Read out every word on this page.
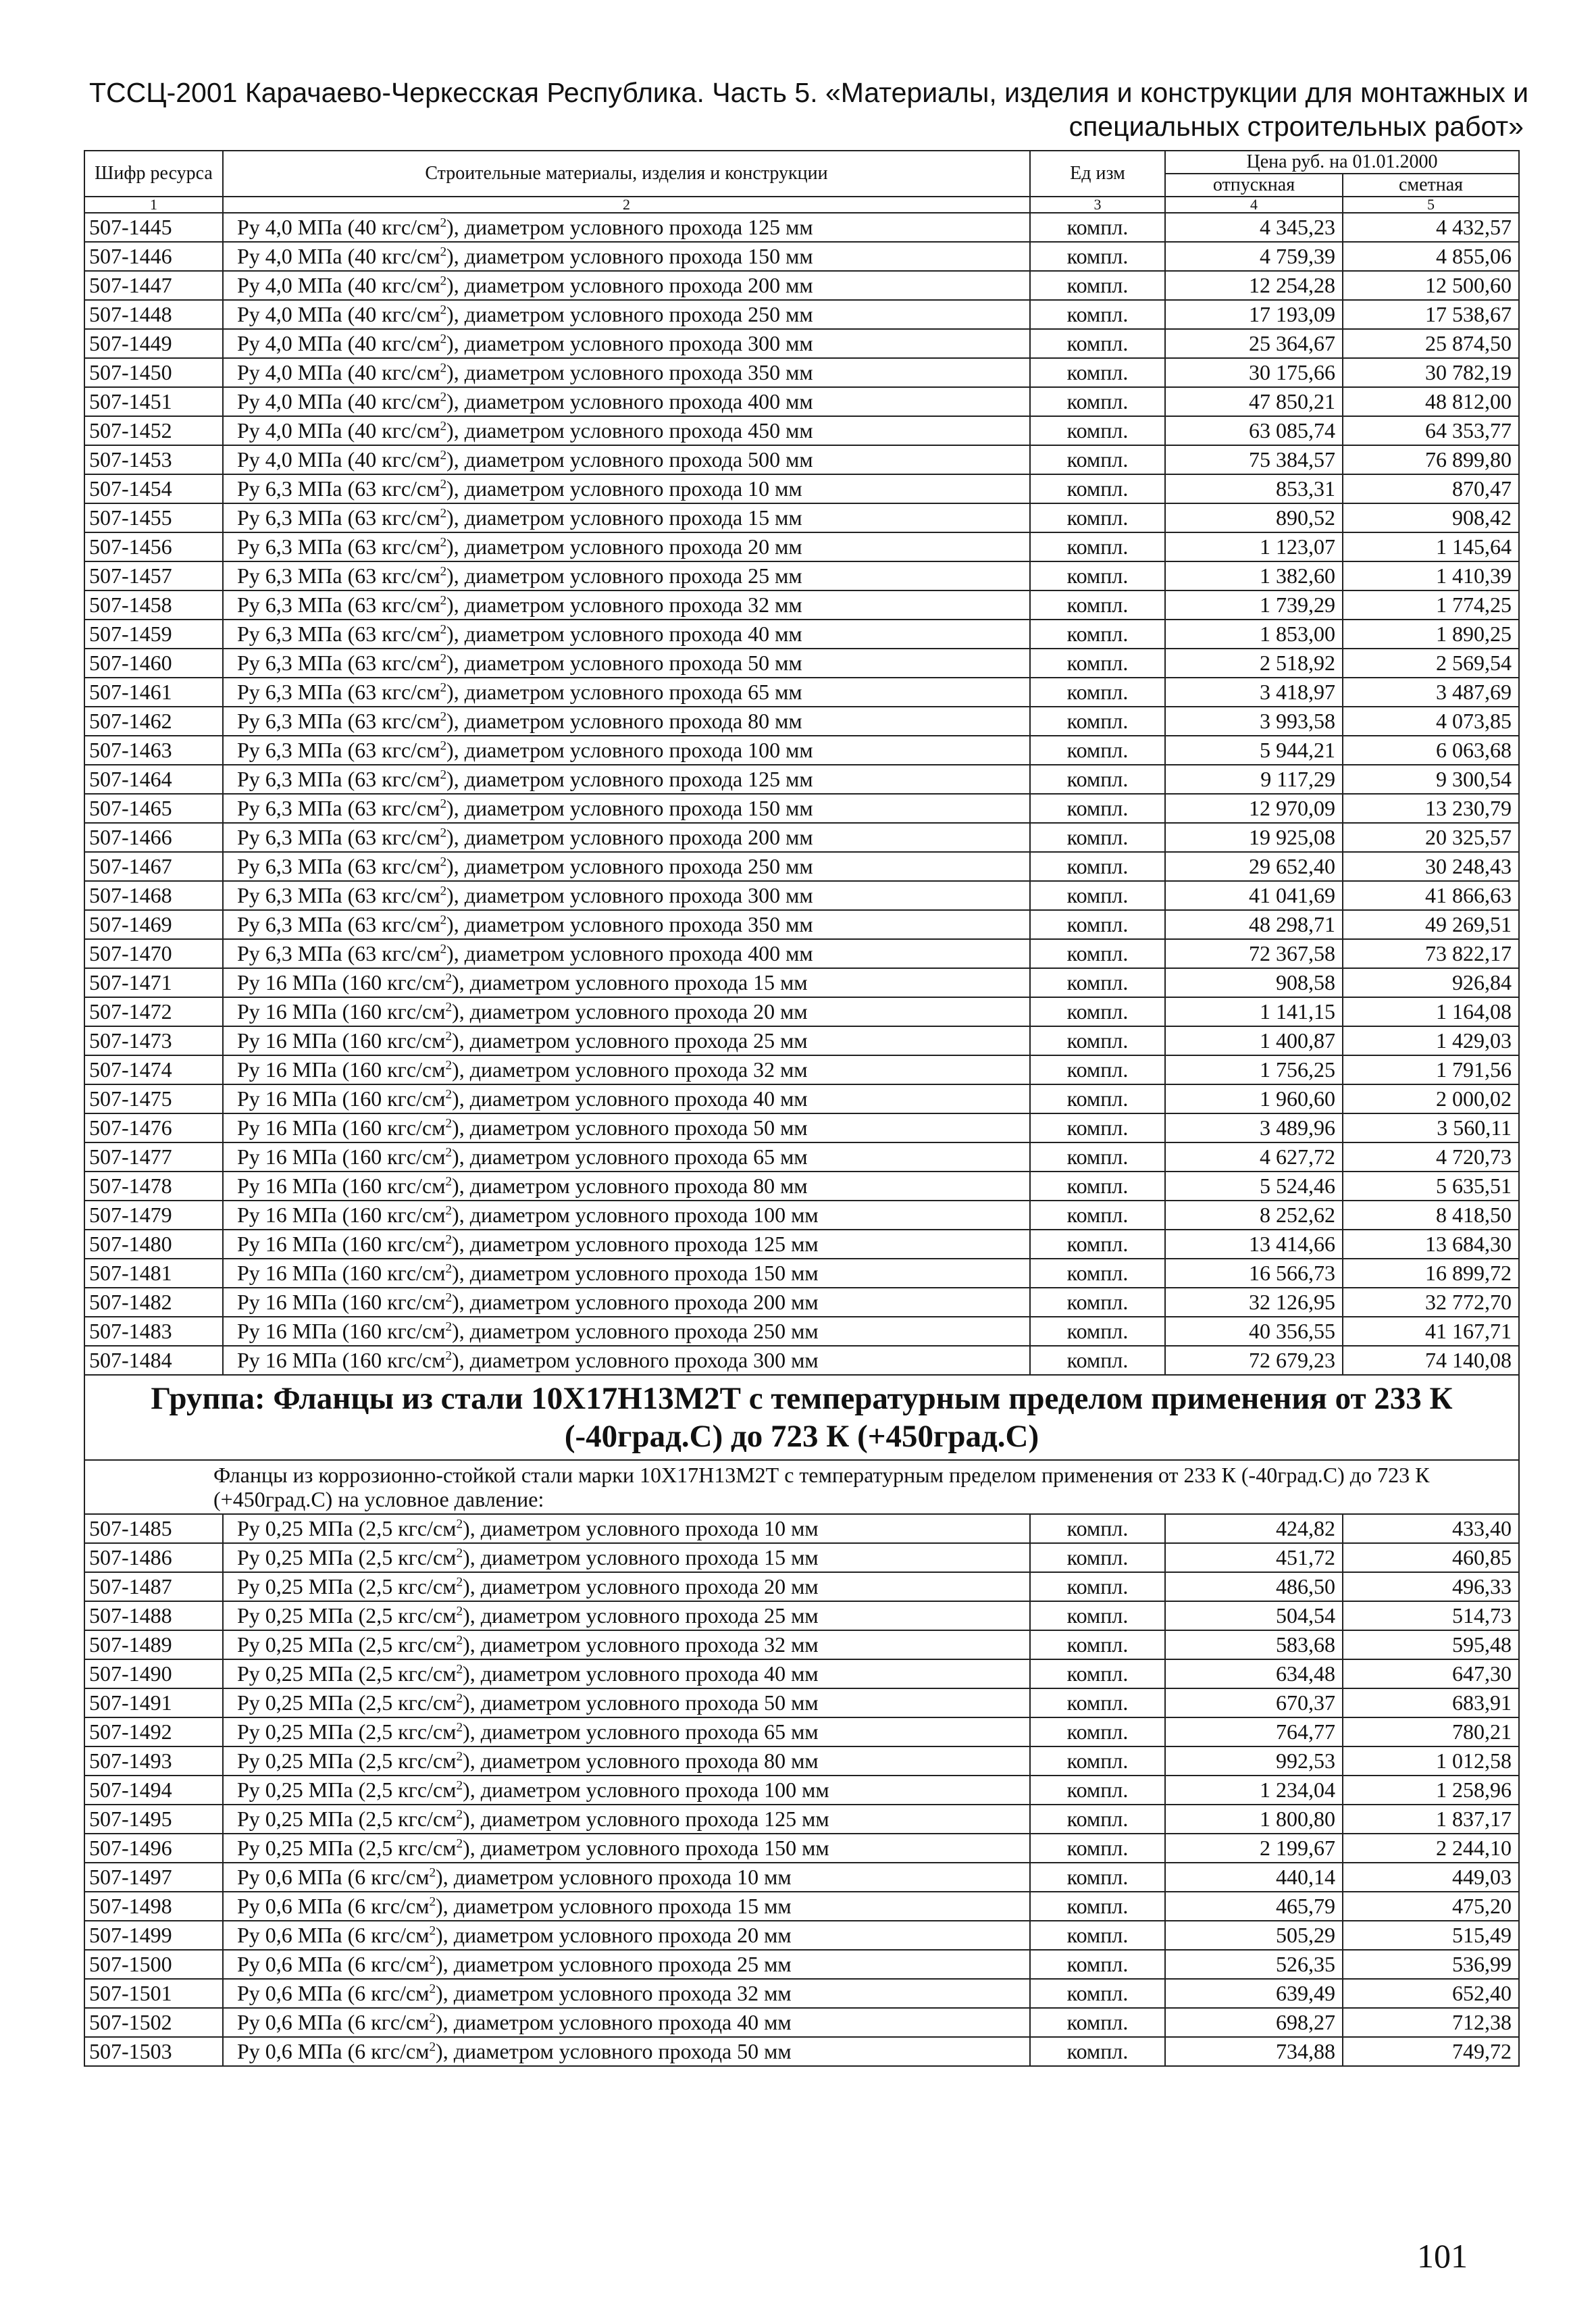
ТССЦ-2001 Карачаево-Черкесская Республика. Часть 5. «Материалы, изделия и конструкции для монтажных и
специальных строительных работ»
Шифр ресурса	Строительные материалы, изделия и конструкции	Ед изм	Цена руб. на 01.01.2000	
			отпускная	сметная
1	2	3	4	5
507-1445	Ру 4,0 МПа (40 кгс/$см^2$), диаметром условного прохода 125 мм	компл.	4 345,23	4 432,57
507-1446	Ру 4,0 МПа (40 кгс/$см^2$), диаметром условного прохода 150 мм	компл.	4 759,39	4 855,06
507-1447	Ру 4,0 МПа (40 кгс/$см^2$), диаметром условного прохода 200 мм	компл.	12 254,28	12 500,60
507-1448	Ру 4,0 МПа (40 кгс/$см^2$), диаметром условного прохода 250 мм	компл.	17 193,09	17 538,67
507-1449	Ру 4,0 МПа (40 кгс/$см^2$), диаметром условного прохода 300 мм	компл.	25 364,67	25 874,50
507-1450	Ру 4,0 МПа (40 кгс/$см^2$), диаметром условного прохода 350 мм	компл.	30 175,66	30 782,19
507-1451	Ру 4,0 МПа (40 кгс/$см^2$), диаметром условного прохода 400 мм	компл.	47 850,21	48 812,00
507-1452	Ру 4,0 МПа (40 кгс/$см^2$), диаметром условного прохода 450 мм	компл.	63 085,74	64 353,77
507-1453	Ру 4,0 МПа (40 кгс/$см^2$), диаметром условного прохода 500 мм	компл.	75 384,57	76 899,80
507-1454	Ру 6,3 МПа (63 кгс/$см^2$), диаметром условного прохода 10 мм	компл.	853,31	870,47
507-1455	Ру 6,3 МПа (63 кгс/$см^2$), диаметром условного прохода 15 мм	компл.	890,52	908,42
507-1456	Ру 6,3 МПа (63 кгс/$см^2$), диаметром условного прохода 20 мм	компл.	1 123,07	1 145,64
507-1457	Ру 6,3 МПа (63 кгс/$см^2$), диаметром условного прохода 25 мм	компл.	1 382,60	1 410,39
507-1458	Ру 6,3 МПа (63 кгс/$см^2$), диаметром условного прохода 32 мм	компл.	1 739,29	1 774,25
507-1459	Ру 6,3 МПа (63 кгс/$см^2$), диаметром условного прохода 40 мм	компл.	1 853,00	1 890,25
507-1460	Ру 6,3 МПа (63 кгс/$см^2$), диаметром условного прохода 50 мм	компл.	2 518,92	2 569,54
507-1461	Ру 6,3 МПа (63 кгс/$см^2$), диаметром условного прохода 65 мм	компл.	3 418,97	3 487,69
507-1462	Ру 6,3 МПа (63 кгс/$см^2$), диаметром условного прохода 80 мм	компл.	3 993,58	4 073,85
507-1463	Ру 6,3 МПа (63 кгс/$см^2$), диаметром условного прохода 100 мм	компл.	5 944,21	6 063,68
507-1464	Ру 6,3 МПа (63 кгс/$см^2$), диаметром условного прохода 125 мм	компл.	9 117,29	9 300,54
507-1465	Ру 6,3 МПа (63 кгс/$см^2$), диаметром условного прохода 150 мм	компл.	12 970,09	13 230,79
507-1466	Ру 6,3 МПа (63 кгс/$см^2$), диаметром условного прохода 200 мм	компл.	19 925,08	20 325,57
507-1467	Ру 6,3 МПа (63 кгс/$см^2$), диаметром условного прохода 250 мм	компл.	29 652,40	30 248,43
507-1468	Ру 6,3 МПа (63 кгс/$см^2$), диаметром условного прохода 300 мм	компл.	41 041,69	41 866,63
507-1469	Ру 6,3 МПа (63 кгс/$см^2$), диаметром условного прохода 350 мм	компл.	48 298,71	49 269,51
507-1470	Ру 6,3 МПа (63 кгс/$см^2$), диаметром условного прохода 400 мм	компл.	72 367,58	73 822,17
507-1471	Ру 16 МПа (160 кгс/$см^2$), диаметром условного прохода 15 мм	компл.	908,58	926,84
507-1472	Ру 16 МПа (160 кгс/$см^2$), диаметром условного прохода 20 мм	компл.	1 141,15	1 164,08
507-1473	Ру 16 МПа (160 кгс/$см^2$), диаметром условного прохода 25 мм	компл.	1 400,87	1 429,03
507-1474	Ру 16 МПа (160 кгс/$см^2$), диаметром условного прохода 32 мм	компл.	1 756,25	1 791,56
507-1475	Ру 16 МПа (160 кгс/$см^2$), диаметром условного прохода 40 мм	компл.	1 960,60	2 000,02
507-1476	Ру 16 МПа (160 кгс/$см^2$), диаметром условного прохода 50 мм	компл.	3 489,96	3 560,11
507-1477	Ру 16 МПа (160 кгс/$см^2$), диаметром условного прохода 65 мм	компл.	4 627,72	4 720,73
507-1478	Ру 16 МПа (160 кгс/$см^2$), диаметром условного прохода 80 мм	компл.	5 524,46	5 635,51
507-1479	Ру 16 МПа (160 кгс/$см^2$), диаметром условного прохода 100 мм	компл.	8 252,62	8 418,50
507-1480	Ру 16 МПа (160 кгс/$см^2$), диаметром условного прохода 125 мм	компл.	13 414,66	13 684,30
507-1481	Ру 16 МПа (160 кгс/$см^2$), диаметром условного прохода 150 мм	компл.	16 566,73	16 899,72
507-1482	Ру 16 МПа (160 кгс/$см^2$), диаметром условного прохода 200 мм	компл.	32 126,95	32 772,70
507-1483	Ру 16 МПа (160 кгс/$см^2$), диаметром условного прохода 250 мм	компл.	40 356,55	41 167,71
507-1484	Ру 16 МПа (160 кгс/$см^2$), диаметром условного прохода 300 мм	компл.	72 679,23	74 140,08
Группа: Фланцы из стали 10Х17Н13М2Т с температурным пределом применения от 233 К (-40град.С) до 723 К (+450град.С)				
Фланцы из коррозионно-стойкой стали марки 10Х17Н13М2Т с температурным пределом применения от 233 К (-40град.С) до 723 К (+450град.С) на условное давление:				
507-1485	Ру 0,25 МПа (2,5 кгс/$см^2$), диаметром условного прохода 10 мм	компл.	424,82	433,40
507-1486	Ру 0,25 МПа (2,5 кгс/$см^2$), диаметром условного прохода 15 мм	компл.	451,72	460,85
507-1487	Ру 0,25 МПа (2,5 кгс/$см^2$), диаметром условного прохода 20 мм	компл.	486,50	496,33
507-1488	Ру 0,25 МПа (2,5 кгс/$см^2$), диаметром условного прохода 25 мм	компл.	504,54	514,73
507-1489	Ру 0,25 МПа (2,5 кгс/$см^2$), диаметром условного прохода 32 мм	компл.	583,68	595,48
507-1490	Ру 0,25 МПа (2,5 кгс/$см^2$), диаметром условного прохода 40 мм	компл.	634,48	647,30
507-1491	Ру 0,25 МПа (2,5 кгс/$см^2$), диаметром условного прохода 50 мм	компл.	670,37	683,91
507-1492	Ру 0,25 МПа (2,5 кгс/$см^2$), диаметром условного прохода 65 мм	компл.	764,77	780,21
507-1493	Ру 0,25 МПа (2,5 кгс/$см^2$), диаметром условного прохода 80 мм	компл.	992,53	1 012,58
507-1494	Ру 0,25 МПа (2,5 кгс/$см^2$), диаметром условного прохода 100 мм	компл.	1 234,04	1 258,96
507-1495	Ру 0,25 МПа (2,5 кгс/$см^2$), диаметром условного прохода 125 мм	компл.	1 800,80	1 837,17
507-1496	Ру 0,25 МПа (2,5 кгс/$см^2$), диаметром условного прохода 150 мм	компл.	2 199,67	2 244,10
507-1497	Ру 0,6 МПа (6 кгс/$см^2$), диаметром условного прохода 10 мм	компл.	440,14	449,03
507-1498	Ру 0,6 МПа (6 кгс/$см^2$), диаметром условного прохода 15 мм	компл.	465,79	475,20
507-1499	Ру 0,6 МПа (6 кгс/$см^2$), диаметром условного прохода 20 мм	компл.	505,29	515,49
507-1500	Ру 0,6 МПа (6 кгс/$см^2$), диаметром условного прохода 25 мм	компл.	526,35	536,99
507-1501	Ру 0,6 МПа (6 кгс/$см^2$), диаметром условного прохода 32 мм	компл.	639,49	652,40
507-1502	Ру 0,6 МПа (6 кгс/$см^2$), диаметром условного прохода 40 мм	компл.	698,27	712,38
507-1503	Ру 0,6 МПа (6 кгс/$см^2$), диаметром условного прохода 50 мм	компл.	734,88	749,72
101
